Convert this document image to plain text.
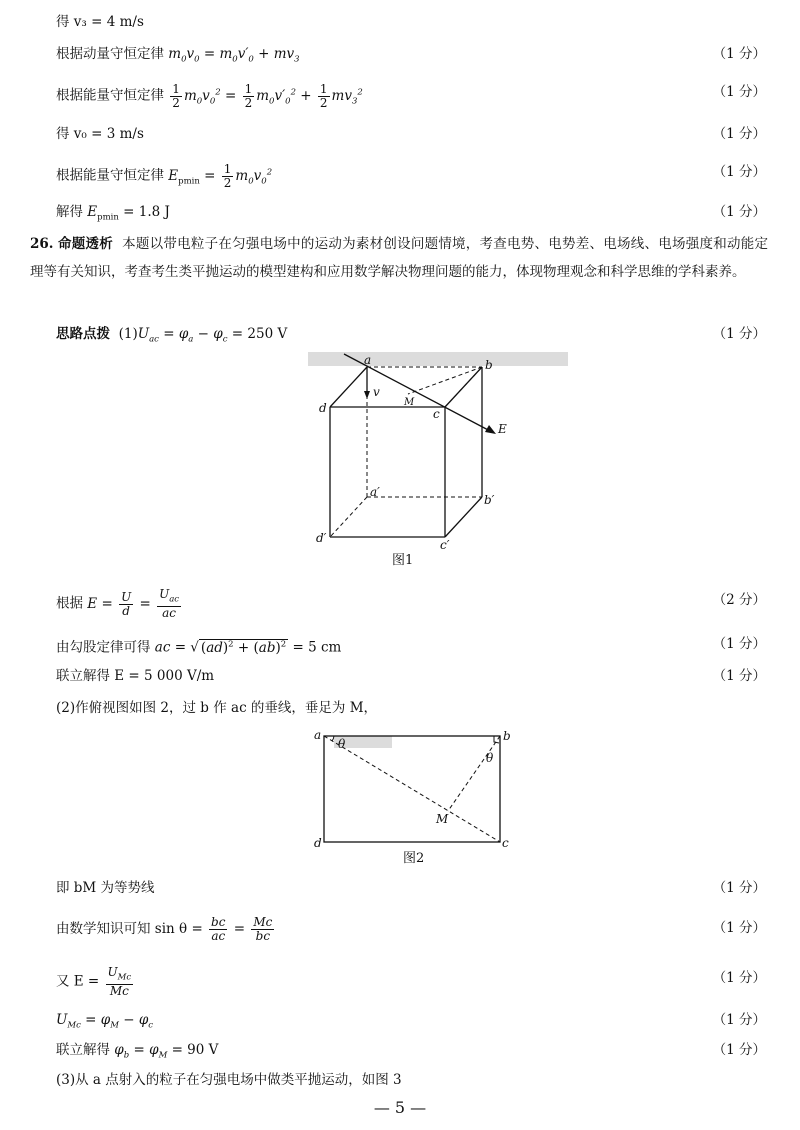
得 v₃ = 4 m/s
根据动量守恒定律 $m_0v_0 = m_0v'_0 + mv_3$	（1 分）
根据能量守恒定律 $\frac{1}{2} m_0v_0^2 = \frac{1}{2} m_0v'_0^2 + \frac{1}{2} mv_3^2$	（1 分）
得 v₀ = 3 m/s	（1 分）
根据能量守恒定律 $E_{pmin} = \frac{1}{2} m_0v_0^2$	（1 分）
解得 $E_{pmin} = 1.8$ J	（1 分）
26. 命题透析 本题以带电粒子在匀强电场中的运动为素材创设问题情境，考查电势、电势差、电场线、电场强度和动能定理等有关知识，考查考生类平抛运动的模型建构和应用数学解决物理问题的能力，体现物理观念和科学思维的学科素养。
思路点拨 $(1)U_{ac} = \varphi_a - \varphi_c = 250$ V	（1 分）
a	b
c
d
a′
b′
c′
d′
v
E
M
图1
根据 $E = \frac{U}{d} = \frac{U_{ac}}{ac}$	（2 分）
由勾股定律可得 ac = √ (ad)$^2$ + (ab)$^2$ = 5 cm	（1 分）
联立解得 E = 5 000 V/m	（1 分）
(2)作俯视图如图 2，过 b 作 ac 的垂线，垂足为 M，
a	b
c
d
M
θ
θ
图2
即 bM 为等势线	（1 分）
由数学知识可知 $\sin \theta = \frac{bc}{ac} = \frac{Mc}{bc}$	（1 分）
又 $E = \frac{U_{Mc}}{Mc}$	（1 分）
$U_{Mc} = \varphi_M - \varphi_c$	（1 分）
联立解得 $\varphi_b = \varphi_M = 90$ V	（1 分）
(3)从 a 点射入的粒子在匀强电场中做类平抛运动，如图 3
— 5 —
